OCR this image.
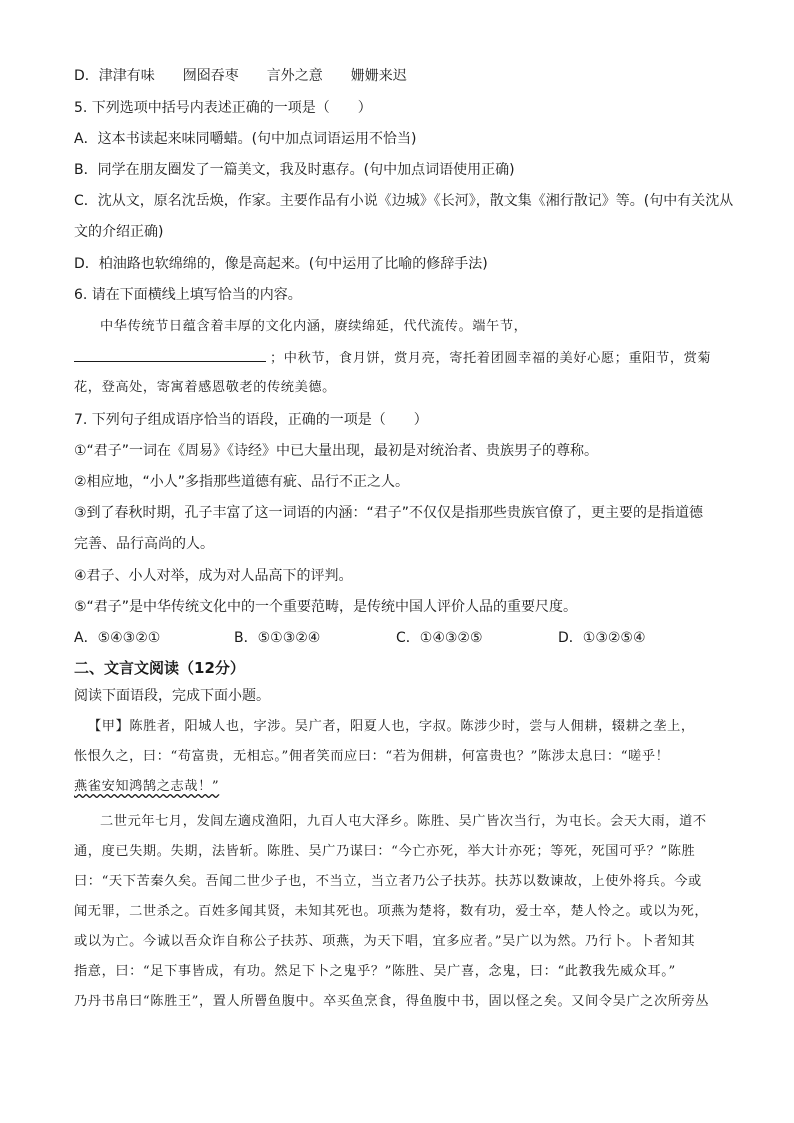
D．津津有味　　囫囵吞枣　　言外之意　　姗姗来迟
5. 下列选项中括号内表述正确的一项是（　　）
A．这本书读起来味同嚼蜡。(句中加点词语运用不恰当)
B．同学在朋友圈发了一篇美文，我及时惠存。(句中加点词语使用正确)
C．沈从文，原名沈岳焕，作家。主要作品有小说《边城》《长河》，散文集《湘行散记》等。(句中有关沈从
文的介绍正确)
D．柏油路也软绵绵的，像是高起来。(句中运用了比喻的修辞手法)
6. 请在下面横线上填写恰当的内容。
中华传统节日蕴含着丰厚的文化内涵，赓续绵延，代代流传。端午节，
；中秋节，食月饼，赏月亮，寄托着团圆幸福的美好心愿；重阳节，赏菊
花，登高处，寄寓着感恩敬老的传统美德。
7. 下列句子组成语序恰当的语段，正确的一项是（　　）
①“君子”一词在《周易》《诗经》中已大量出现，最初是对统治者、贵族男子的尊称。
②相应地，“小人”多指那些道德有疵、品行不正之人。
③到了春秋时期，孔子丰富了这一词语的内涵：“君子”不仅仅是指那些贵族官僚了，更主要的是指道德
完善、品行高尚的人。
④君子、小人对举，成为对人品高下的评判。
⑤“君子”是中华传统文化中的一个重要范畴，是传统中国人评价人品的重要尺度。
A．⑤④③②①	B．⑤①③②④	C．①④③②⑤	D．①③②⑤④
二、文言文阅读（12分）
阅读下面语段，完成下面小题。
【甲】陈胜者，阳城人也，字涉。吴广者，阳夏人也，字叔。陈涉少时，尝与人佣耕，辍耕之垄上，
怅恨久之，曰：“苟富贵，无相忘。”佣者笑而应曰：“若为佣耕，何富贵也？”陈涉太息曰：“嗟乎！
燕雀安知鸿鹄之志哉！”
二世元年七月，发闾左適戍渔阳，九百人屯大泽乡。陈胜、吴广皆次当行，为屯长。会天大雨，道不
通，度已失期。失期，法皆斩。陈胜、吴广乃谋曰：“今亡亦死，举大计亦死；等死，死国可乎？”陈胜
曰：“天下苦秦久矣。吾闻二世少子也，不当立，当立者乃公子扶苏。扶苏以数谏故，上使外将兵。今或
闻无罪，二世杀之。百姓多闻其贤，未知其死也。项燕为楚将，数有功，爱士卒，楚人怜之。或以为死，
或以为亡。今诚以吾众诈自称公子扶苏、项燕，为天下唱，宜多应者。”吴广以为然。乃行卜。卜者知其
指意，曰：“足下事皆成，有功。然足下卜之鬼乎？”陈胜、吴广喜，念鬼，曰：“此教我先威众耳。”
乃丹书帛曰“陈胜王”，置人所罾鱼腹中。卒买鱼烹食，得鱼腹中书，固以怪之矣。又间令吴广之次所旁丛
